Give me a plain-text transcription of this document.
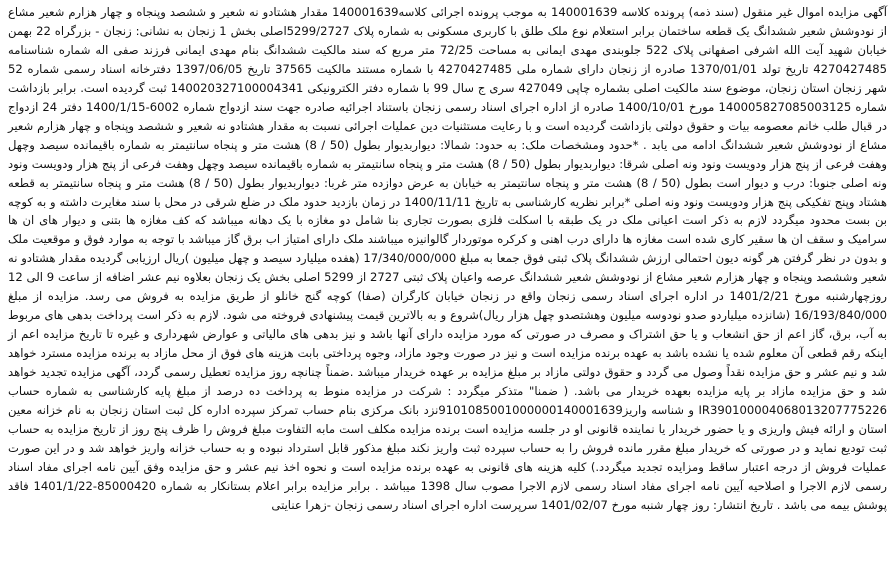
آگهی مزایده اموال غیر منقول (سند ذمه) پرونده کلاسه 140001639 به موجب پرونده اجرائی کلاسه140001639 مقدار هشتادو نه شعیر و ششصد وپنجاه و چهار هزارم شعیر مشاع از نودوشش شعیر ششدانگ یک قطعه ساختمان برابر استعلام نوع ملک طلق با کاربری مسکونی به شماره پلاک 5299/2727اصلی بخش 1 زنجان به نشانی: زنجان - بزرگراه 22 بهمن خیابان شهید آیت الله اشرفی اصفهانی پلاک 522 جلوبندی مهدی ایمانی به مساحت 72/25 متر مربع که سند مالکیت ششدانگ بنام مهدی ایمانی فرزند صفی اله شماره شناسنامه 4270427485 تاریخ تولد 1370/01/01 صادره از زنجان دارای شماره ملی 4270427485 با شماره مستند مالکیت 37565 تاریخ 1397/06/05 دفترخانه اسناد رسمی شماره 52 شهر زنجان استان زنجان، موضوع سند مالکیت اصلی بشماره چاپی 427049 سری ج سال 99 با شماره دفتر الکترونیکی 140020327100004341 ثبت گردیده است. برابر بازداشت شماره 140005827085003125 مورخ 1400/10/01 صادره از اداره اجرای اسناد رسمی زنجان باستناد اجرائیه صادره جهت سند ازدواج شماره 6002-1400/1/15 دفتر 24 ازدواج در قبال طلب خانم معصومه بیات و حقوق دولتی بازداشت گردیده است و با رعایت مستثنیات دین عملیات اجرائی نسبت به مقدار هشتادو نه شعیر و ششصد وپنجاه و چهار هزارم شعیر مشاع از نودوشش شعیر ششدانگ ادامه می یابد . *حدود ومشخصات ملک: به حدود: شمالا: دیواربدیوار بطول (50 / 8) هشت متر و پنجاه سانتیمتر به شماره باقیمانده سیصد وچهل وهفت فرعی از پنج هزار ودویست ونود ونه اصلی شرقا: دیواربدیوار بطول (50 / 8) هشت متر و پنجاه سانتیمتر به شماره باقیمانده سیصد وچهل وهفت فرعی از پنج هزار ودویست ونود ونه اصلی جنوبا: درب و دیوار است بطول (50 / 8) هشت متر و پنجاه سانتیمتر به خیابان به عرض دوازده متر غربا: دیواربدیوار بطول (50 / 8) هشت متر و پنجاه سانتیمتر به قطعه هشتاد وپنج تفکیکی پنج هزار ودویست ونود ونه اصلی *برابر نظریه کارشناسی به تاریخ 1400/11/11 در زمان بازدید حدود ملک در ضلع شرقی در محل با سند مغایرت داشته و به کوچه بن بست محدود میگردد لازم به ذکر است اعیانی ملک در یک طبقه با اسکلت فلزی بصورت تجاری بنا شامل دو مغازه با یک دهانه میباشد که کف مغازه ها بتنی و دیوار های ان ها سرامیک و سقف ان ها سقیر کاری شده است مغازه ها دارای درب اهنی و کرکره موتوردار گالوانیزه میباشند ملک دارای امتیاز اب برق گاز میباشد با توجه به موارد فوق و موقعیت ملک و بدون در نظر گرفتن هر گونه دیون احتمالی ارزش ششدانگ پلاک ثبتی فوق جمعا به مبلغ 17/340/000/000 (هفده میلیارد سیصد و چهل میلیون )ریال ارزیابی گردیده مقدار هشتادو نه شعیر وششصد وپنجاه و چهار هزارم شعیر مشاع از نودوشش شعیر ششدانگ عرصه واعیان پلاک ثبتی 2727 از 5299 اصلی بخش یک زنجان بعلاوه نیم عشر اضافه از ساعت 9 الی 12 روزچهارشنبه مورخ 1401/2/21 در اداره اجرای اسناد رسمی زنجان واقع در زنجان خیابان کارگران (صفا) کوچه گنج خانلو از طریق مزایده به فروش می رسد. مزایده از مبلغ 16/193/840/000 (شانزده میلیاردو صدو نودوسه میلیون وهشتصدو چهل هزار ریال)شروع و به بالاترین قیمت پیشنهادی فروخته می شود. لازم به ذکر است پرداخت بدهی های مربوط به آب، برق، گاز اعم از حق انشعاب و یا حق اشتراک و مصرف در صورتی که مورد مزایده دارای آنها باشد و نیز بدهی های مالیاتی و عوارض شهرداری و غیره تا تاریخ مزایده اعم از اینکه رقم قطعی آن معلوم شده یا نشده باشد به عهده برنده مزایده است و نیز در صورت وجود مازاد، وجوه پرداختی بابت هزینه های فوق از محل مازاد به برنده مزایده مسترد خواهد شد و نیم عشر و حق مزایده نقداً وصول می گردد و حقوق دولتی مازاد بر مبلغ مزایده بر عهده خریدار میباشد .ضمناً چنانچه روز مزایده تعطیل رسمی گردد، آگهی مزایده تجدید خواهد شد و حق مزایده مازاد بر پایه مزایده بعهده خریدار می باشد. ( ضمنا" متذکر میگردد : شرکت در مزایده منوط به پرداخت ده درصد از مبلغ پایه کارشناسی به شماره حساب IR390100004068013207775226 و شناسه واریز9101085001000000140001639نزد بانک مرکزی بنام حساب تمرکز سپرده اداره کل ثبت استان زنجان به نام خزانه معین استان و ارائه فیش واریزی و یا حضور خریدار یا نماینده قانونی او در جلسه مزایده است برنده مزایده مکلف است مابه التفاوت مبلغ فروش را ظرف پنج روز از تاریخ مزایده به حساب ثبت تودیع نماید و در صورتی که خریدار مبلغ مقرر مانده فروش را به حساب سپرده ثبت واریز نکند مبلغ مذکور قابل استرداد نبوده و به حساب خزانه واریز خواهد شد و در این صورت عملیات فروش از درجه اعتبار ساقط ومزایده تجدید میگردد.) کلیه هزینه های قانونی به عهده برنده مزایده است و نحوه اخذ نیم عشر و حق مزایده وفق آیین نامه اجرای مفاد اسناد رسمی لازم الاجرا و اصلاحیه آیین نامه اجرای مفاد اسناد رسمی لازم الاجرا مصوب سال 1398 میباشد . برابر مزایده برابر اعلام بستانکار به شماره 85000420-1401/1/22 فاقد پوشش بیمه می باشد . تاریخ انتشار: روز چهار شنبه مورخ 1401/02/07 سرپرست اداره اجرای اسناد رسمی زنجان -زهرا عنایتی
